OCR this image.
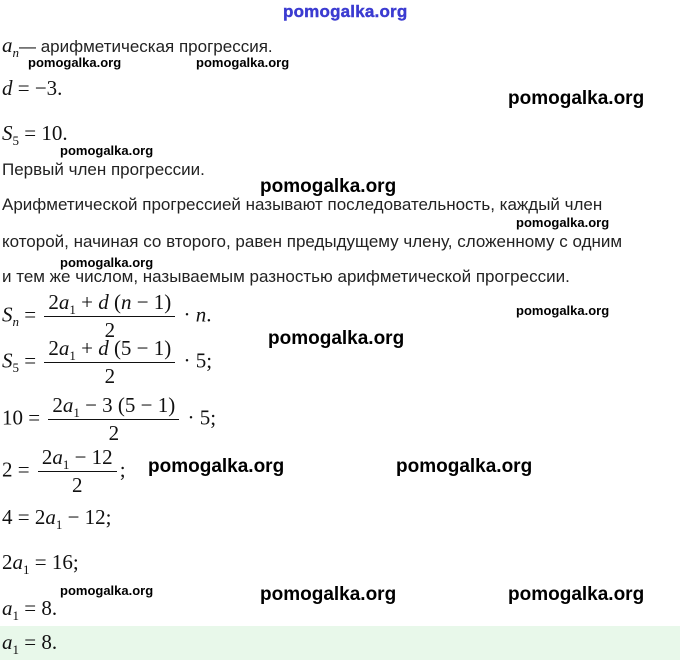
pomogalka.org
$a_n—$ арифметическая прогрессия.
pomogalka.org	pomogalka.org
d = −3.	pomogalka.org
$S_5 = 10$.
pomogalka.org
Первый член прогрессии.
pomogalka.org
Арифметической прогрессией называют последовательность, каждый член
pomogalka.org
которой, начиная со второго, равен предыдущему члену, сложенному с одним
pomogalka.org
и тем же числом, называемым разностью арифметической прогрессии.
$S_n = \frac{2a_1 + d (n - 1)}{2} \cdot n$.	pomogalka.org
pomogalka.org
$S_5 = \frac{2a_1 + d (5 - 1)}{2} \cdot 5$;
$10 = \frac{2a_1 - 3 (5 - 1)}{2} \cdot 5$;
$2 = \frac{2a_1 - 12}{2}$ ; pomogalka.org	pomogalka.org
$4 = 2a_1 - 12$;
$2a_1 = 16$;
pomogalka.org	pomogalka.org	pomogalka.org
$a_1 = 8$.
$a_1 = 8$.
